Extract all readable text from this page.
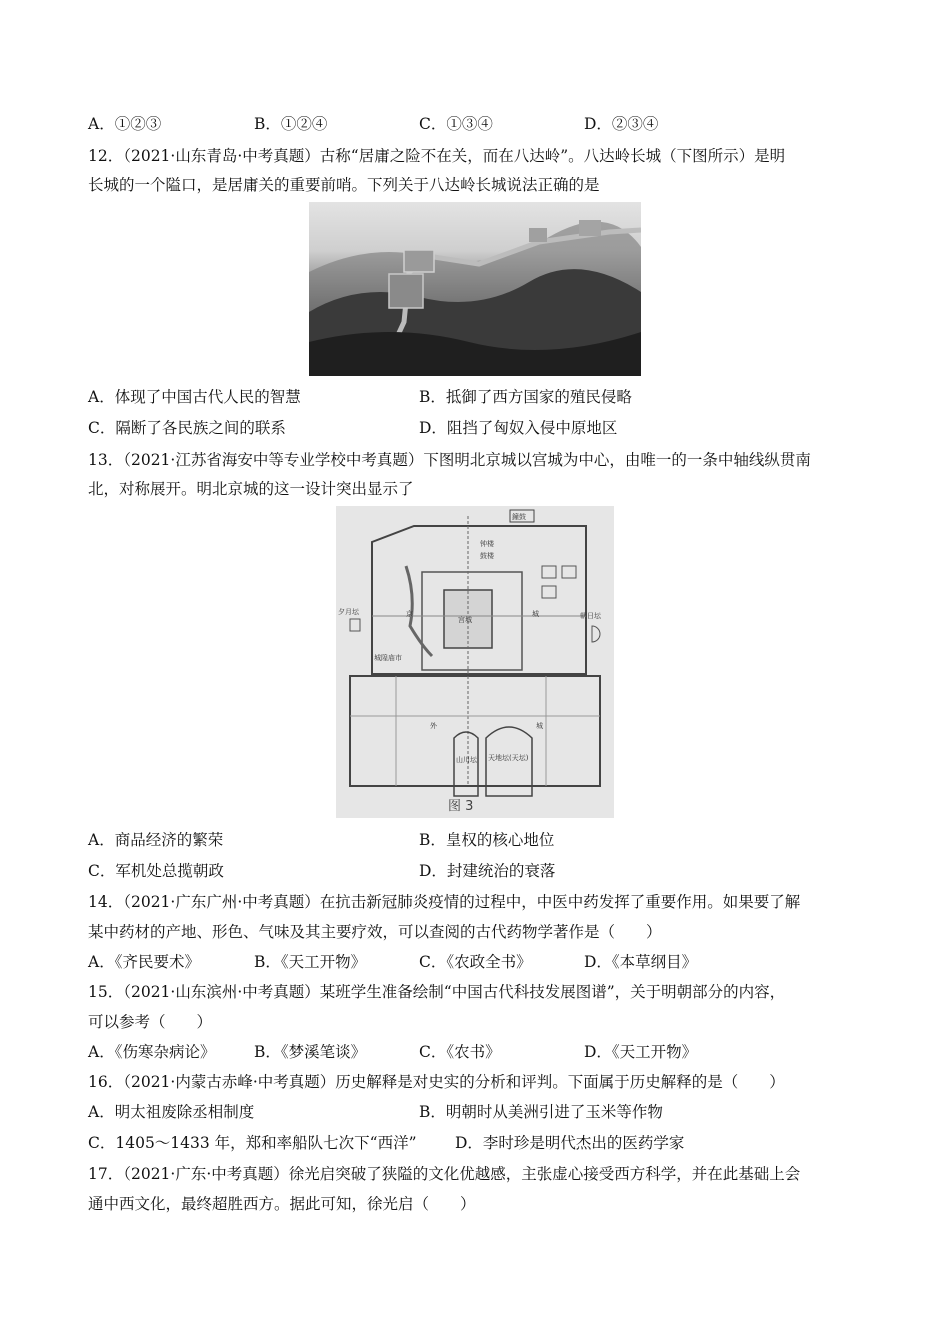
A．①②③	B．①②④	C．①③④	D．②③④
12．（2021·山东青岛·中考真题）古称“居庸之险不在关，而在八达岭”。八达岭长城（下图所示）是明
长城的一个隘口，是居庸关的重要前哨。下列关于八达岭长城说法正确的是
A．体现了中国古代人民的智慧	B．抵御了西方国家的殖民侵略
C．隔断了各民族之间的联系	D．阻挡了匈奴入侵中原地区
13．（2021·江苏省海安中等专业学校中考真题）下图明北京城以宫城为中心，由唯一的一条中轴线纵贯南
北，对称展开。明北京城的这一设计突出显示了
鐘鼓
钟楼
鼓楼
夕月坛	朝日坛
京	城
城隍庙市
宫城
外	城
山川坛 天地坛(天坛)
图 3
A．商品经济的繁荣	B．皇权的核心地位
C．军机处总揽朝政	D．封建统治的衰落
14．（2021·广东广州·中考真题）在抗击新冠肺炎疫情的过程中，中医中药发挥了重要作用。如果要了解
某中药材的产地、形色、气味及其主要疗效，可以查阅的古代药物学著作是（　　）
A．《齐民要术》	B．《天工开物》	C．《农政全书》	D．《本草纲目》
15．（2021·山东滨州·中考真题）某班学生准备绘制“中国古代科技发展图谱”，关于明朝部分的内容，
可以参考（　　）
A．《伤寒杂病论》 B．《梦溪笔谈》	C．《农书》	D．《天工开物》
16．（2021·内蒙古赤峰·中考真题）历史解释是对史实的分析和评判。下面属于历史解释的是（　　）
A．明太祖废除丞相制度	B．明朝时从美洲引进了玉米等作物
C．1405～1433 年，郑和率船队七次下“西洋” D．李时珍是明代杰出的医药学家
17．（2021·广东·中考真题）徐光启突破了狭隘的文化优越感，主张虚心接受西方科学，并在此基础上会
通中西文化，最终超胜西方。据此可知，徐光启（　　）
